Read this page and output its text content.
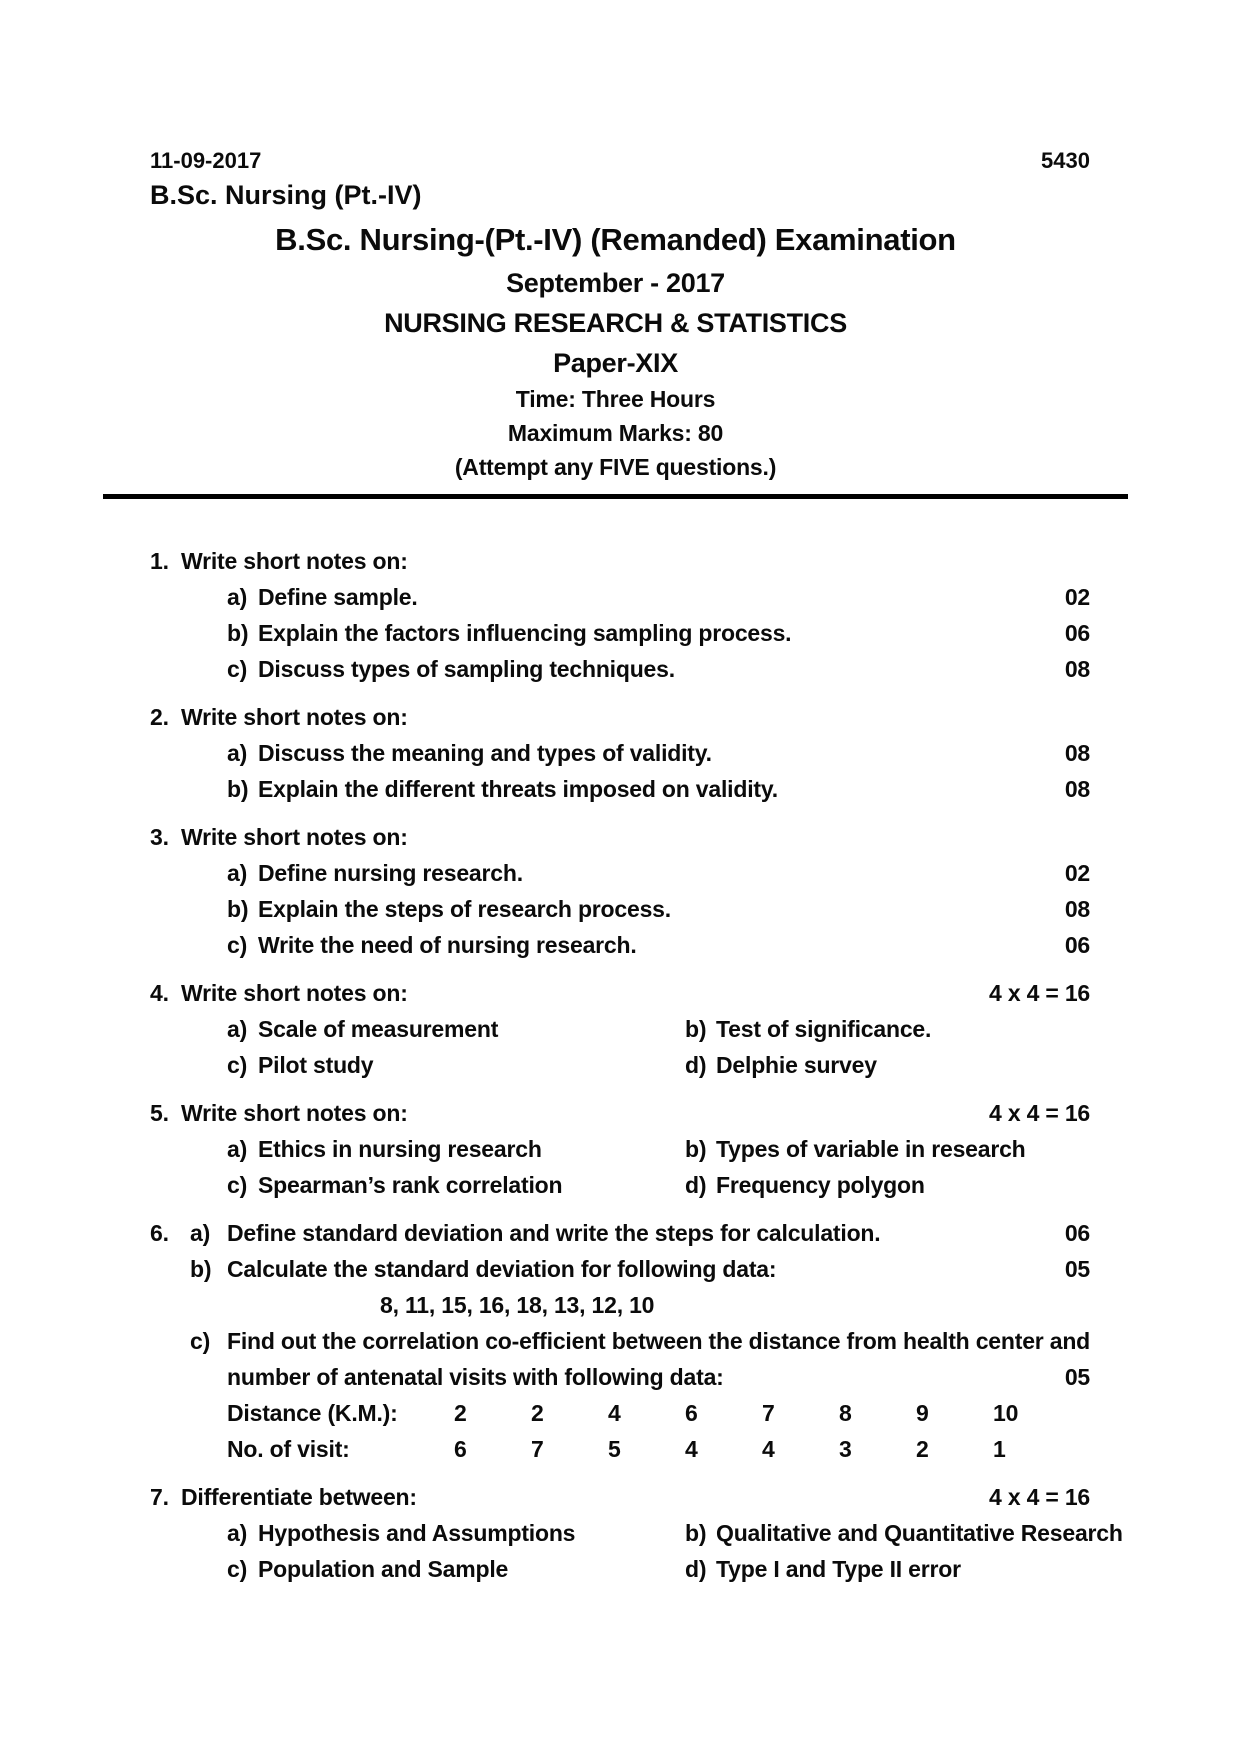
11-09-2017	5430
B.Sc. Nursing (Pt.-IV)
B.Sc. Nursing-(Pt.-IV) (Remanded) Examination
September - 2017
NURSING RESEARCH & STATISTICS
Paper-XIX
Time: Three Hours
Maximum Marks: 80
(Attempt any FIVE questions.)
1. Write short notes on:
a) Define sample.	02
b) Explain the factors influencing sampling process.	06
c) Discuss types of sampling techniques.	08
2. Write short notes on:
a) Discuss the meaning and types of validity.	08
b) Explain the different threats imposed on validity.	08
3. Write short notes on:
a) Define nursing research.	02
b) Explain the steps of research process.	08
c) Write the need of nursing research.	06
4. Write short notes on:	4 x 4 = 16
a) Scale of measurement	b) Test of significance.
c) Pilot study	d) Delphie survey
5. Write short notes on:	4 x 4 = 16
a) Ethics in nursing research	b) Types of variable in research
c) Spearman’s rank correlation	d) Frequency polygon
6. a) Define standard deviation and write the steps for calculation.	06
b) Calculate the standard deviation for following data:	05
8, 11, 15, 16, 18, 13, 12, 10
c) Find out the correlation co-efficient between the distance from health center and
number of antenatal visits with following data:	05
Distance (K.M.):	2	2	4	6	7	8	9	10
No. of visit:	6	7	5	4	4	3	2	1
7. Differentiate between:	4 x 4 = 16
a) Hypothesis and Assumptions	b) Qualitative and Quantitative Research
c) Population and Sample	d) Type I and Type II error
